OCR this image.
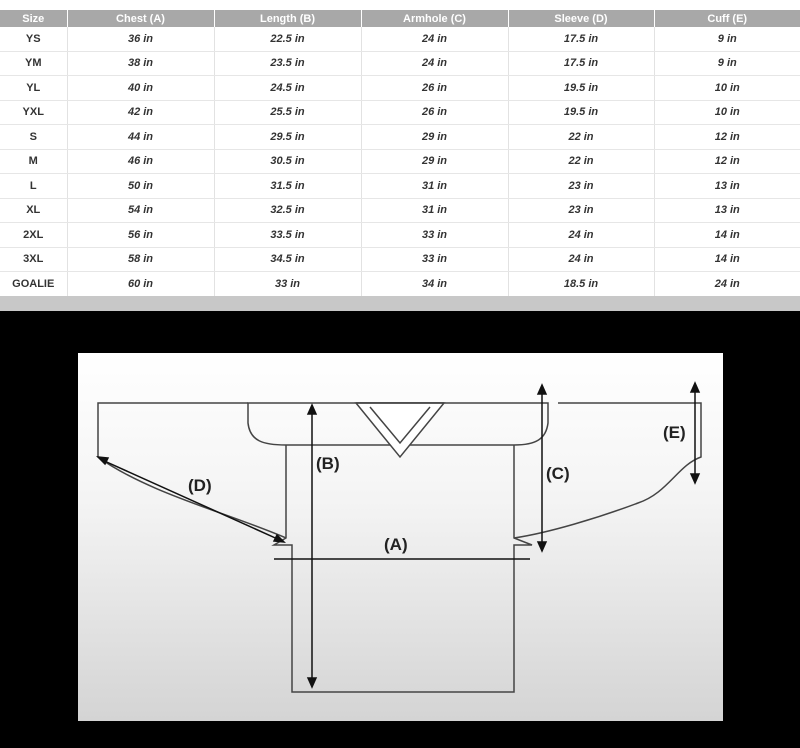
Size	Chest (A)	Length (B)	Armhole (C)	Sleeve (D)	Cuff (E)
YS	36 in	22.5 in	24 in	17.5 in	9 in
YM	38 in	23.5 in	24 in	17.5 in	9 in
YL	40 in	24.5 in	26 in	19.5 in	10 in
YXL	42 in	25.5 in	26 in	19.5 in	10 in
S	44 in	29.5 in	29 in	22 in	12 in
M	46 in	30.5 in	29 in	22 in	12 in
L	50 in	31.5 in	31 in	23 in	13 in
XL	54 in	32.5 in	31 in	23 in	13 in
2XL	56 in	33.5 in	33 in	24 in	14 in
3XL	58 in	34.5 in	33 in	24 in	14 in
GOALIE	60 in	33 in	34 in	18.5 in	24 in
(A)
(B)
(C)
(D)
(E)
